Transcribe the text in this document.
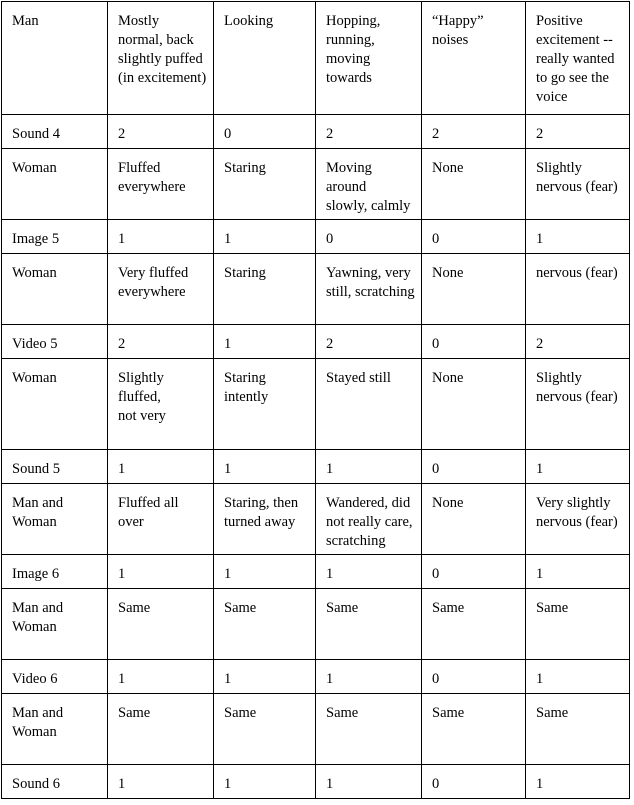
Man	Mostly
normal, back
slightly puffed
(in excitement)	Looking	Hopping,
running,
moving
towards	“Happy”
noises	Positive
excitement --
really wanted
to go see the
voice
Sound 4	2	0	2	2	2
Woman	Fluffed
everywhere	Staring	Moving around
slowly, calmly	None	Slightly
nervous (fear)
Image 5	1	1	0	0	1
Woman	Very fluffed
everywhere	Staring	Yawning, very
still, scratching	None	nervous (fear)
Video 5	2	1	2	0	2
Woman	Slightly fluffed,
not very	Staring
intently	Stayed still	None	Slightly
nervous (fear)
Sound 5	1	1	1	0	1
Man and
Woman	Fluffed all over	Staring, then
turned away	Wandered, did
not really care,
scratching	None	Very slightly
nervous (fear)
Image 6	1	1	1	0	1
Man and
Woman	Same	Same	Same	Same	Same
Video 6	1	1	1	0	1
Man and
Woman	Same	Same	Same	Same	Same
Sound 6	1	1	1	0	1
